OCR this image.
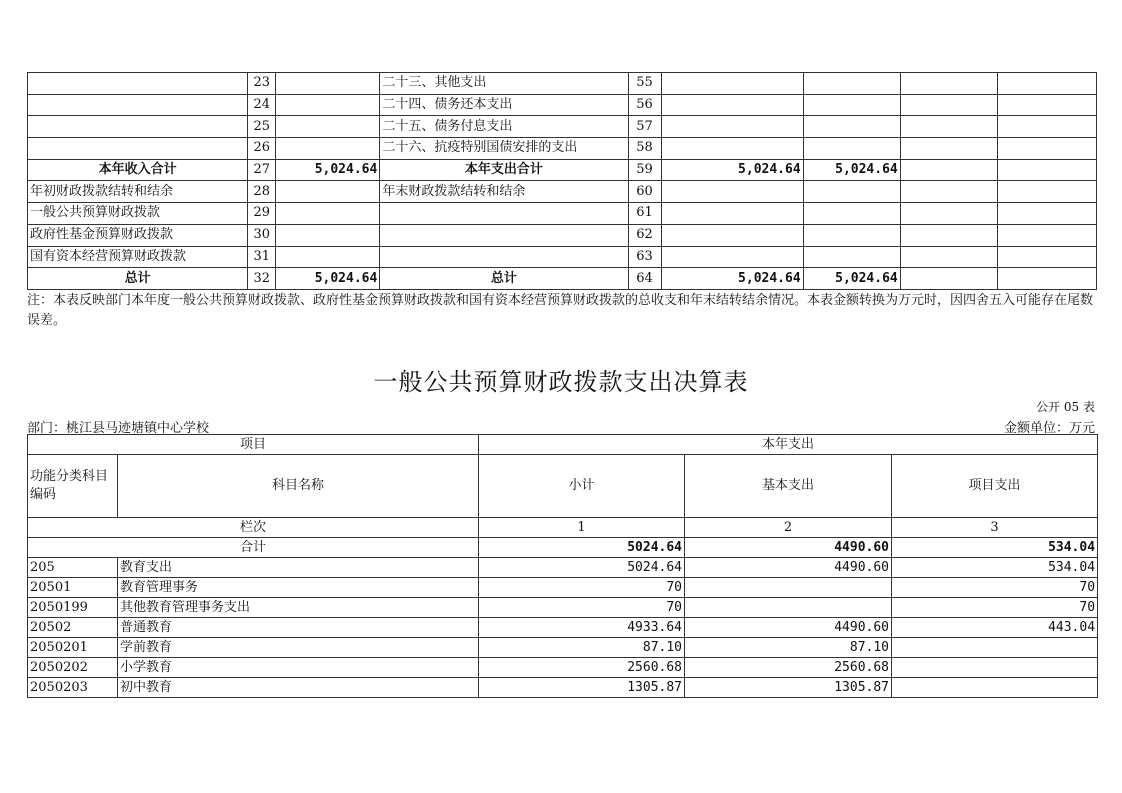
	23		二十三、其他支出	55				
	24		二十四、债务还本支出	56				
	25		二十五、债务付息支出	57				
	26		二十六、抗疫特别国债安排的支出	58				
本年收入合计	27	5,024.64	本年支出合计	59	5,024.64	5,024.64		
年初财政拨款结转和结余	28		年末财政拨款结转和结余	60				
一般公共预算财政拨款	29			61				
政府性基金预算财政拨款	30			62				
国有资本经营预算财政拨款	31			63				
总计	32	5,024.64	总计	64	5,024.64	5,024.64		
注：本表反映部门本年度一般公共预算财政拨款、政府性基金预算财政拨款和国有资本经营预算财政拨款的总收支和年末结转结余情况。本表金额转换为万元时，因四舍五入可能存在尾数误差。
一般公共预算财政拨款支出决算表
公开 05 表
部门：桃江县马迹塘镇中心学校	金额单位：万元
项目		本年支出		
功能分类科目编码	科目名称	小计	基本支出	项目支出
栏次		1	2	3
合计		5024.64	4490.60	534.04
205	教育支出	5024.64	4490.60	534.04
20501	教育管理事务	70		70
2050199	其他教育管理事务支出	70		70
20502	普通教育	4933.64	4490.60	443.04
2050201	学前教育	87.10	87.10	
2050202	小学教育	2560.68	2560.68	
2050203	初中教育	1305.87	1305.87	
